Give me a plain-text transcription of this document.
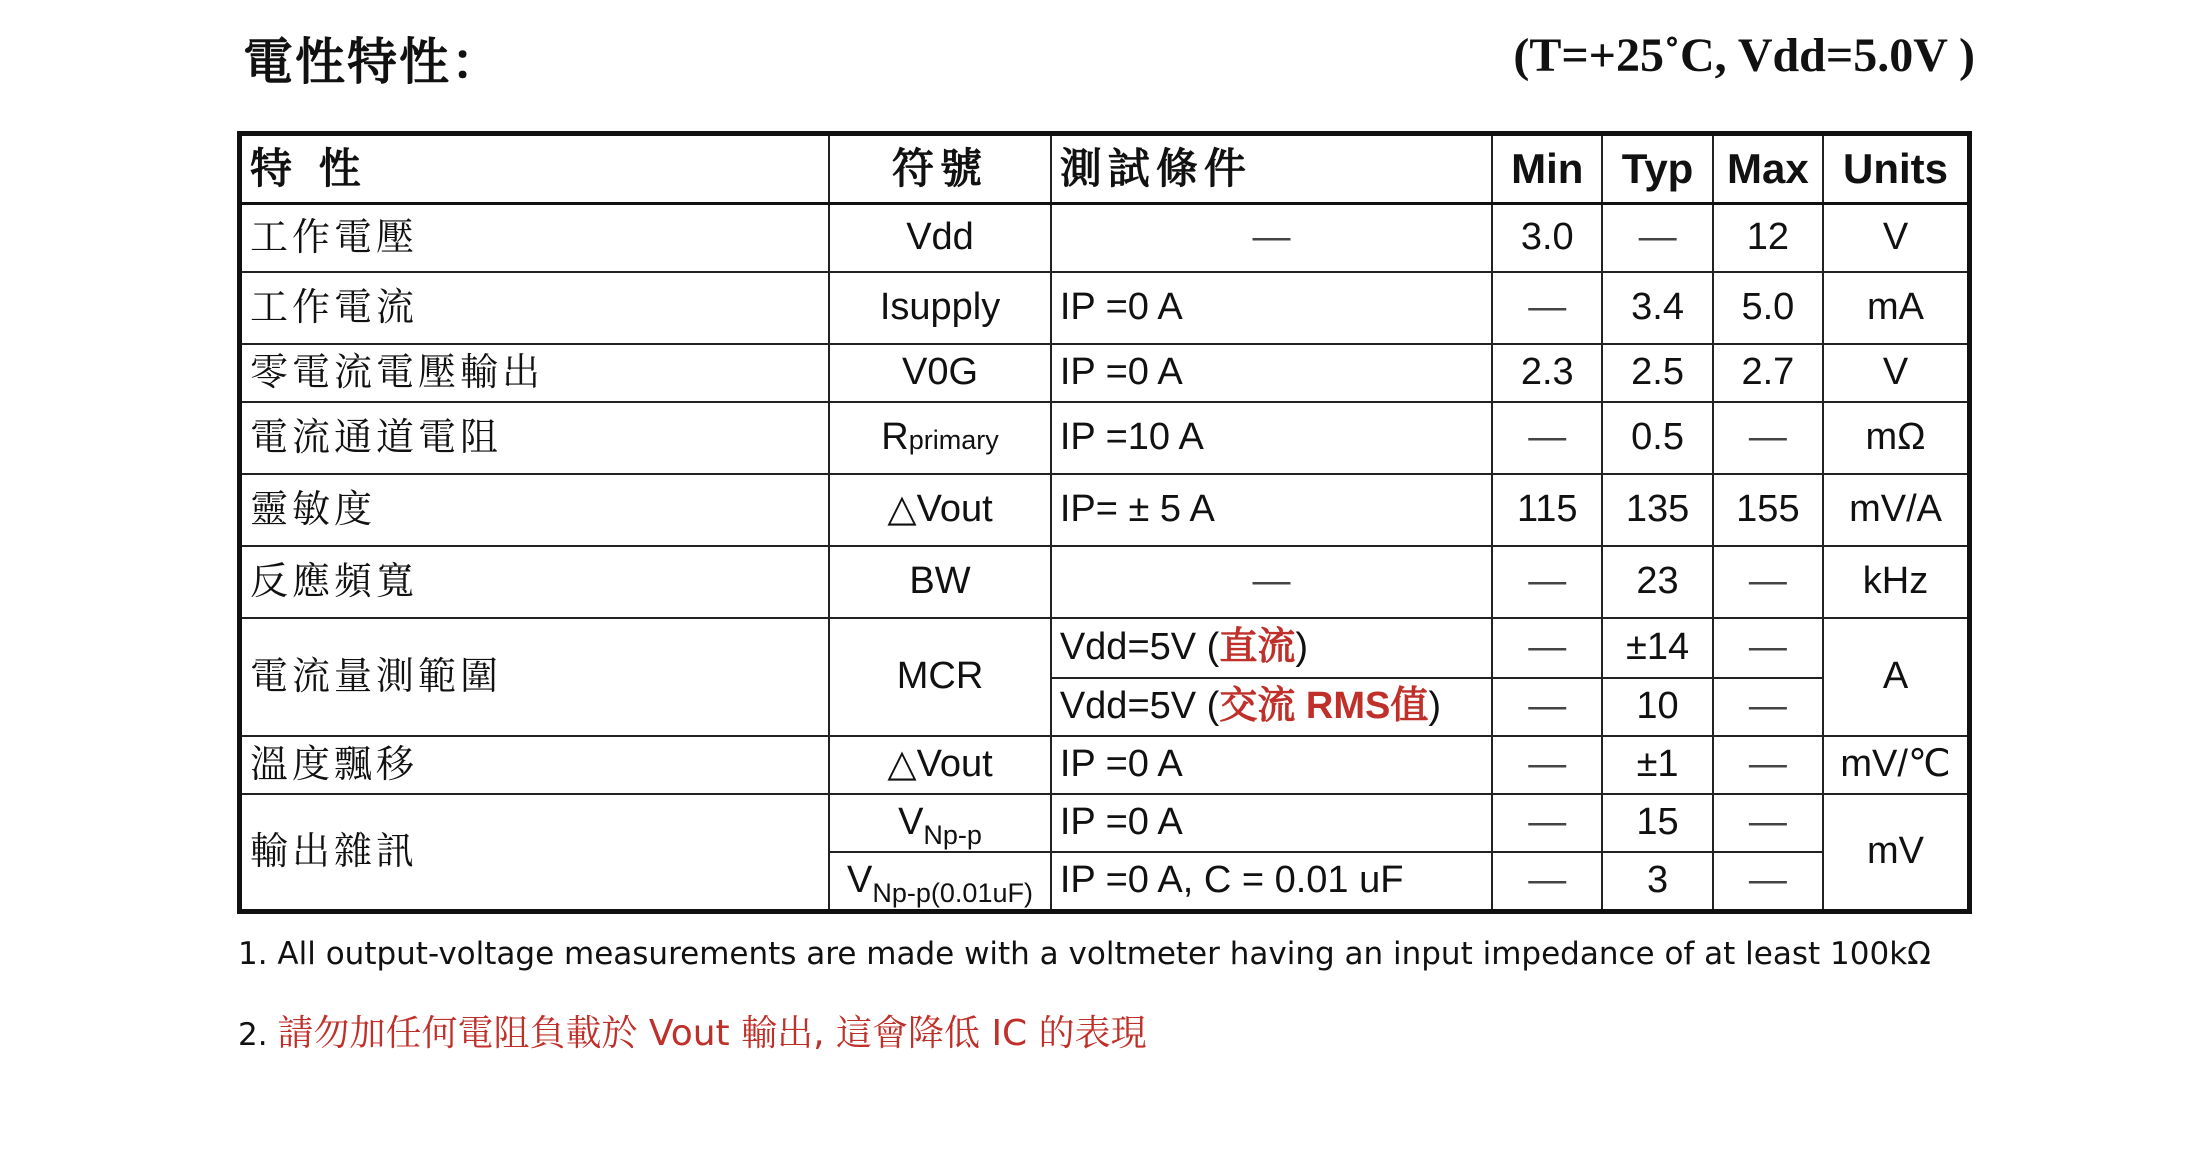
電性特性：	(T=+25˚C, Vdd=5.0V )
特 性	符號	測試條件	Min	Typ	Max	Units
工作電壓	Vdd	—	3.0	—	12	V
工作電流	Isupply	IP =0 A	—	3.4	5.0	mA
零電流電壓輸出	V0G	IP =0 A	2.3	2.5	2.7	V
電流通道電阻	Rprimary	IP =10 A	—	0.5	—	mΩ
靈敏度	△Vout	IP= ± 5 A	115	135	155	mV/A
反應頻寬	BW	—	—	23	—	kHz
電流量測範圍	MCR	Vdd=5V (直流)	—	±14	—	A
		Vdd=5V (交流 RMS值)	—	10	—	
溫度飄移	△Vout	IP =0 A	—	±1	—	mV/℃
輸出雜訊	$V_{Np-p}$	IP =0 A	—	15	—	mV
	$V_{Np-p(0.01uF)}$	IP =0 A, C = 0.01 uF	—	3	—	
1. All output-voltage measurements are made with a voltmeter having an input impedance of at least 100kΩ
2. 請勿加任何電阻負載於 Vout 輸出, 這會降低 IC 的表現
